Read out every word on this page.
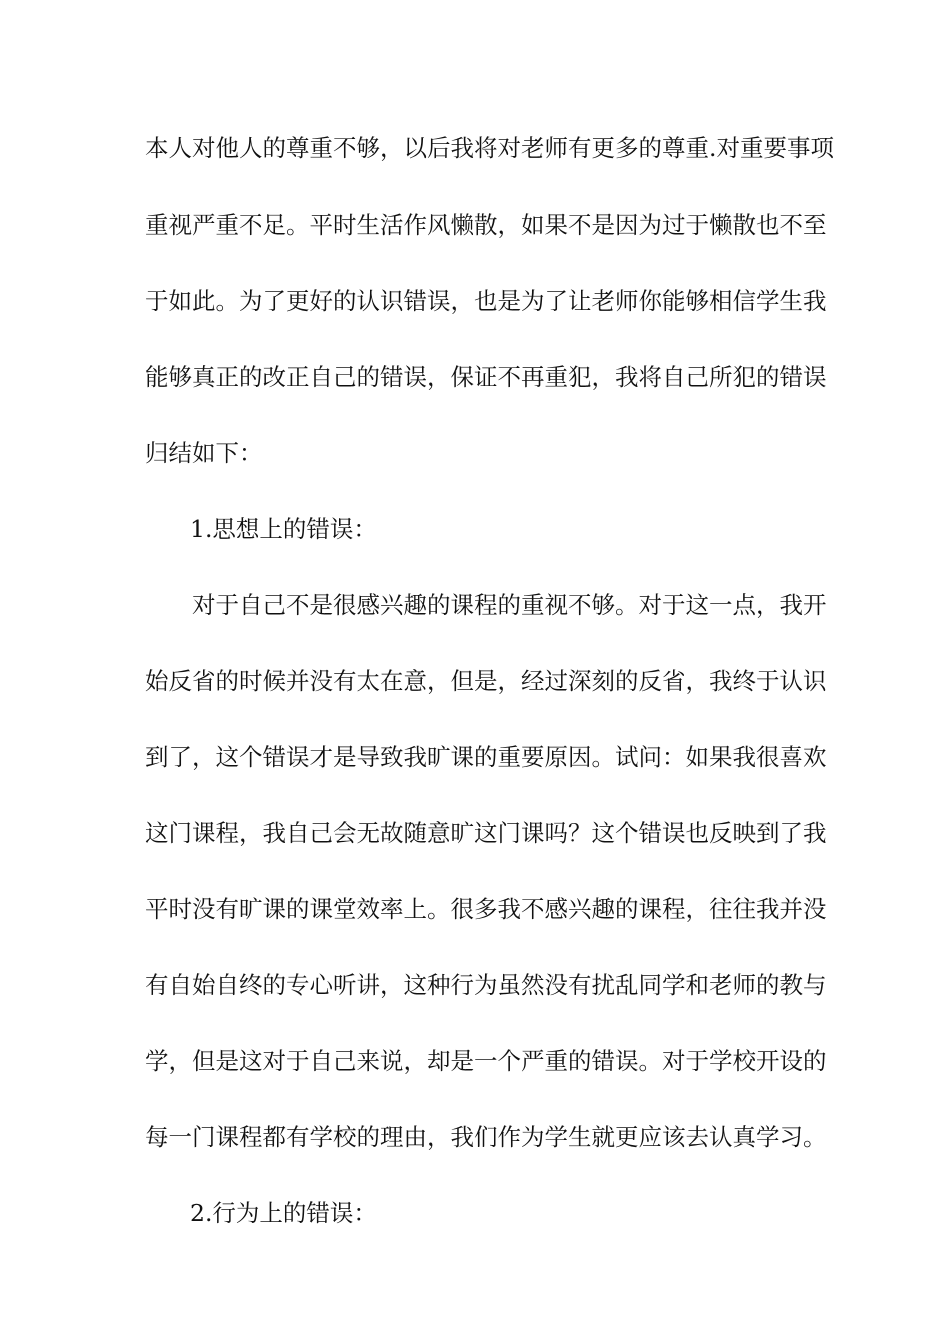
本人对他人的尊重不够，以后我将对老师有更多的尊重.对重要事项

重视严重不足。平时生活作风懒散，如果不是因为过于懒散也不至

于如此。为了更好的认识错误，也是为了让老师你能够相信学生我

能够真正的改正自己的错误，保证不再重犯，我将自己所犯的错误

归结如下：

1.思想上的错误：

对于自己不是很感兴趣的课程的重视不够。对于这一点，我开

始反省的时候并没有太在意，但是，经过深刻的反省，我终于认识

到了，这个错误才是导致我旷课的重要原因。试问：如果我很喜欢

这门课程，我自己会无故随意旷这门课吗？这个错误也反映到了我

平时没有旷课的课堂效率上。很多我不感兴趣的课程，往往我并没

有自始自终的专心听讲，这种行为虽然没有扰乱同学和老师的教与

学，但是这对于自己来说，却是一个严重的错误。对于学校开设的

每一门课程都有学校的理由，我们作为学生就更应该去认真学习。

2.行为上的错误：
